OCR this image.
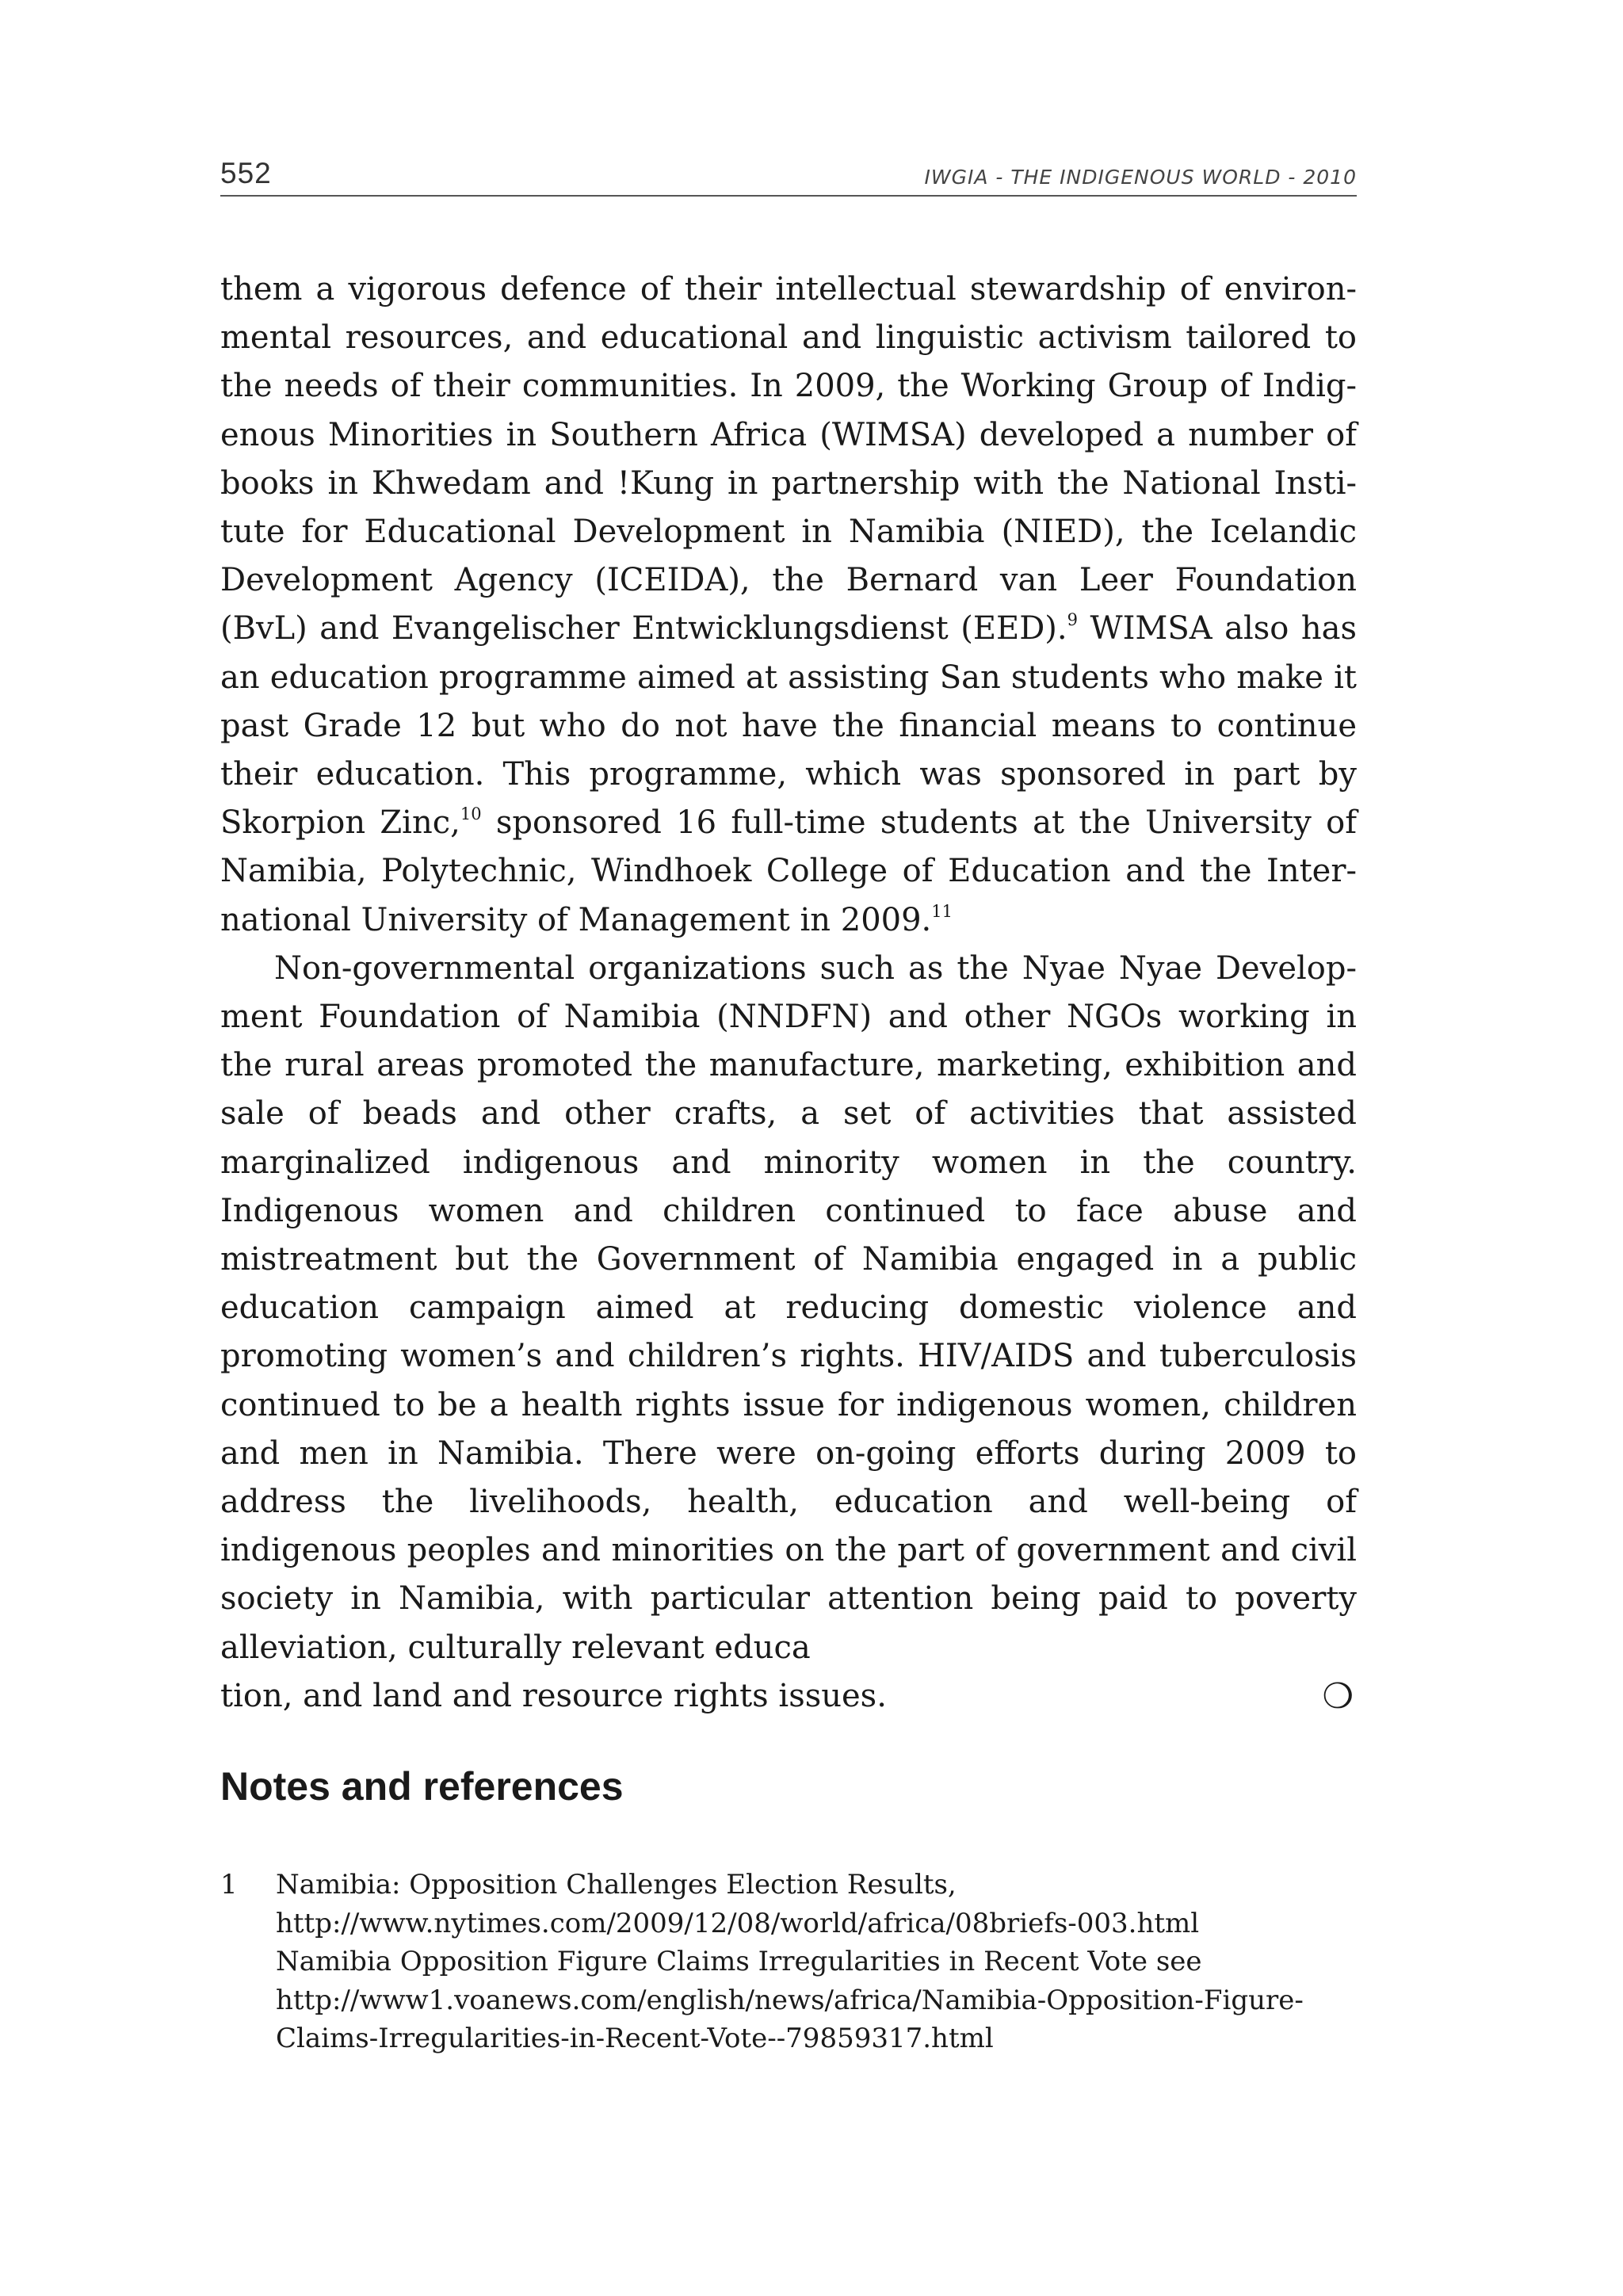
552	IWGIA - THE INDIGENOUS WORLD - 2010

them a vigorous defence of their intellectual stewardship of environmental resources, and educational and linguistic activism tailored to the needs of their communities. In 2009, the Working Group of Indigenous Minorities in Southern Africa (WIMSA) developed a number of books in Khwedam and !Kung in partnership with the National Institute for Educational Development in Namibia (NIED), the Icelandic Development Agency (ICEIDA), the Bernard van Leer Foundation (BvL) and Evangelischer Entwicklungsdienst (EED).$^9$ WIMSA also has an education programme aimed at assisting San students who make it past Grade 12 but who do not have the financial means to continue their education. This programme, which was sponsored in part by Skorpion Zinc,$^{10}$ sponsored 16 full-time students at the University of Namibia, Polytechnic, Windhoek College of Education and the International University of Management in 2009.11

Non-governmental organizations such as the Nyae Nyae Development Foundation of Namibia (NNDFN) and other NGOs working in the rural areas promoted the manufacture, marketing, exhibition and sale of beads and other crafts, a set of activities that assisted marginalized indigenous and minority women in the country. Indigenous women and children continued to face abuse and mistreatment but the Government of Namibia engaged in a public education campaign aimed at reducing domestic violence and promoting women’s and children’s rights. HIV/AIDS and tuberculosis continued to be a health rights issue for indigenous women, children and men in Namibia. There were on-going efforts during 2009 to address the livelihoods, health, education and well-being of indigenous peoples and minorities on the part of government and civil society in Namibia, with particular attention being paid to poverty alleviation, culturally relevant educa

tion, and land and resource rights issues.	❍
Notes and references
1	Namibia: Opposition Challenges Election Results,
http://www.nytimes.com/2009/12/08/world/africa/08briefs-003.html
Namibia Opposition Figure Claims Irregularities in Recent Vote see
http://www1.voanews.com/english/news/africa/Namibia-Opposition-Figure-
Claims-Irregularities-in-Recent-Vote--79859317.html
